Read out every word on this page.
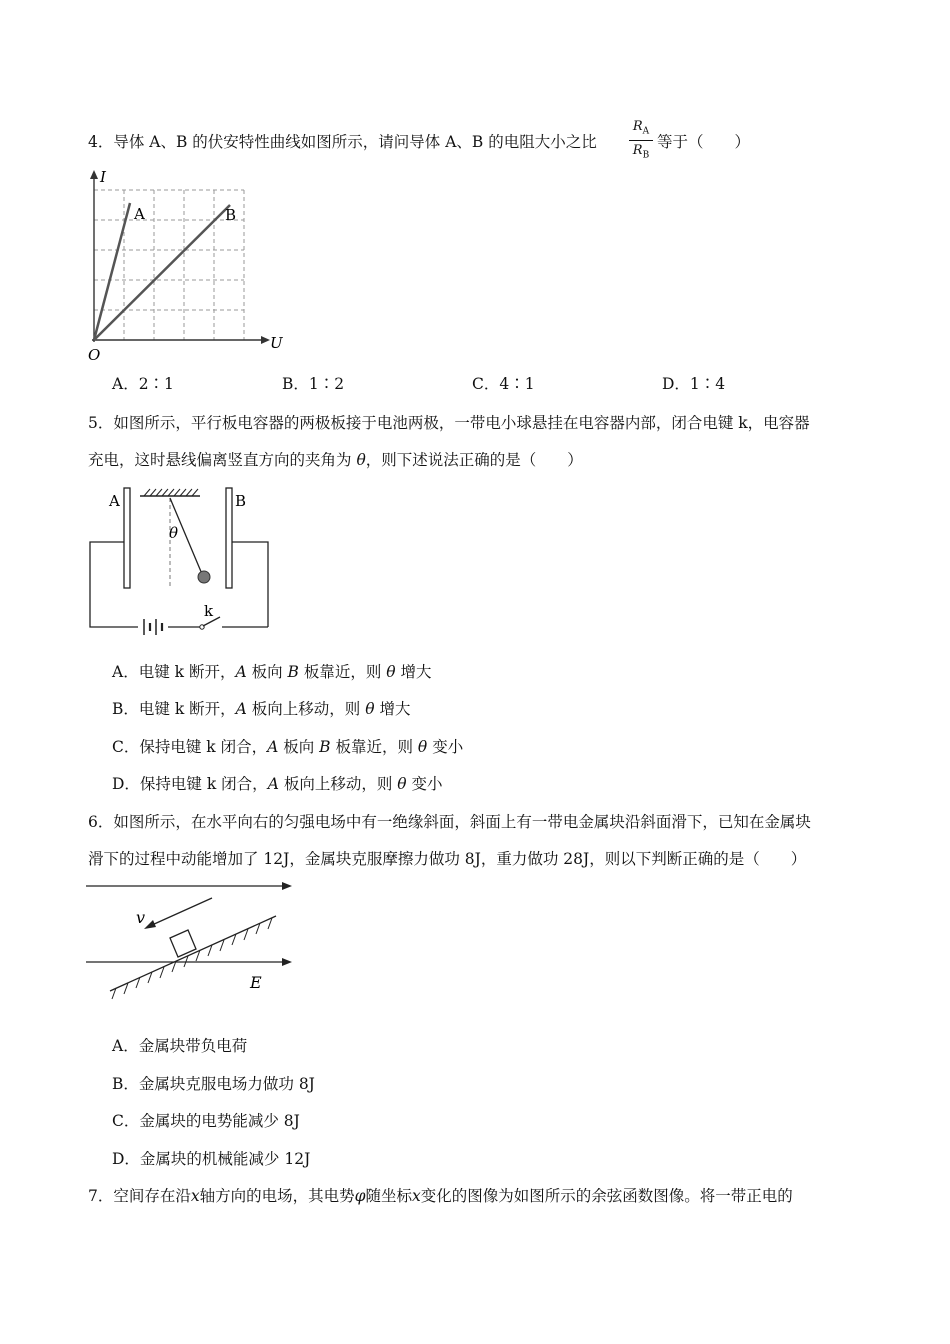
4．导体 A、B 的伏安特性曲线如图所示，请问导体 A、B 的电阻大小之比
$R_A$
$R_B$
等于（　　）
I
U
O
A	B
A．2∶1	B．1∶2	C．4∶1	D．1∶4
5．如图所示，平行板电容器的两极板接于电池两极，一带电小球悬挂在电容器内部，闭合电键 k，电容器
充电，这时悬线偏离竖直方向的夹角为 θ，则下述说法正确的是（　　）
A	B
θ
k
A．电键 k 断开，A 板向 B 板靠近，则 θ 增大
B．电键 k 断开，A 板向上移动，则 θ 增大
C．保持电键 k 闭合，A 板向 B 板靠近，则 θ 变小
D．保持电键 k 闭合，A 板向上移动，则 θ 变小
6．如图所示，在水平向右的匀强电场中有一绝缘斜面，斜面上有一带电金属块沿斜面滑下，已知在金属块
滑下的过程中动能增加了 12J，金属块克服摩擦力做功 8J，重力做功 28J，则以下判断正确的是（　　）
v
E
A．金属块带负电荷
B．金属块克服电场力做功 8J
C．金属块的电势能减少 8J
D．金属块的机械能减少 12J
7．空间存在沿x轴方向的电场，其电势φ随坐标x变化的图像为如图所示的余弦函数图像。将一带正电的
